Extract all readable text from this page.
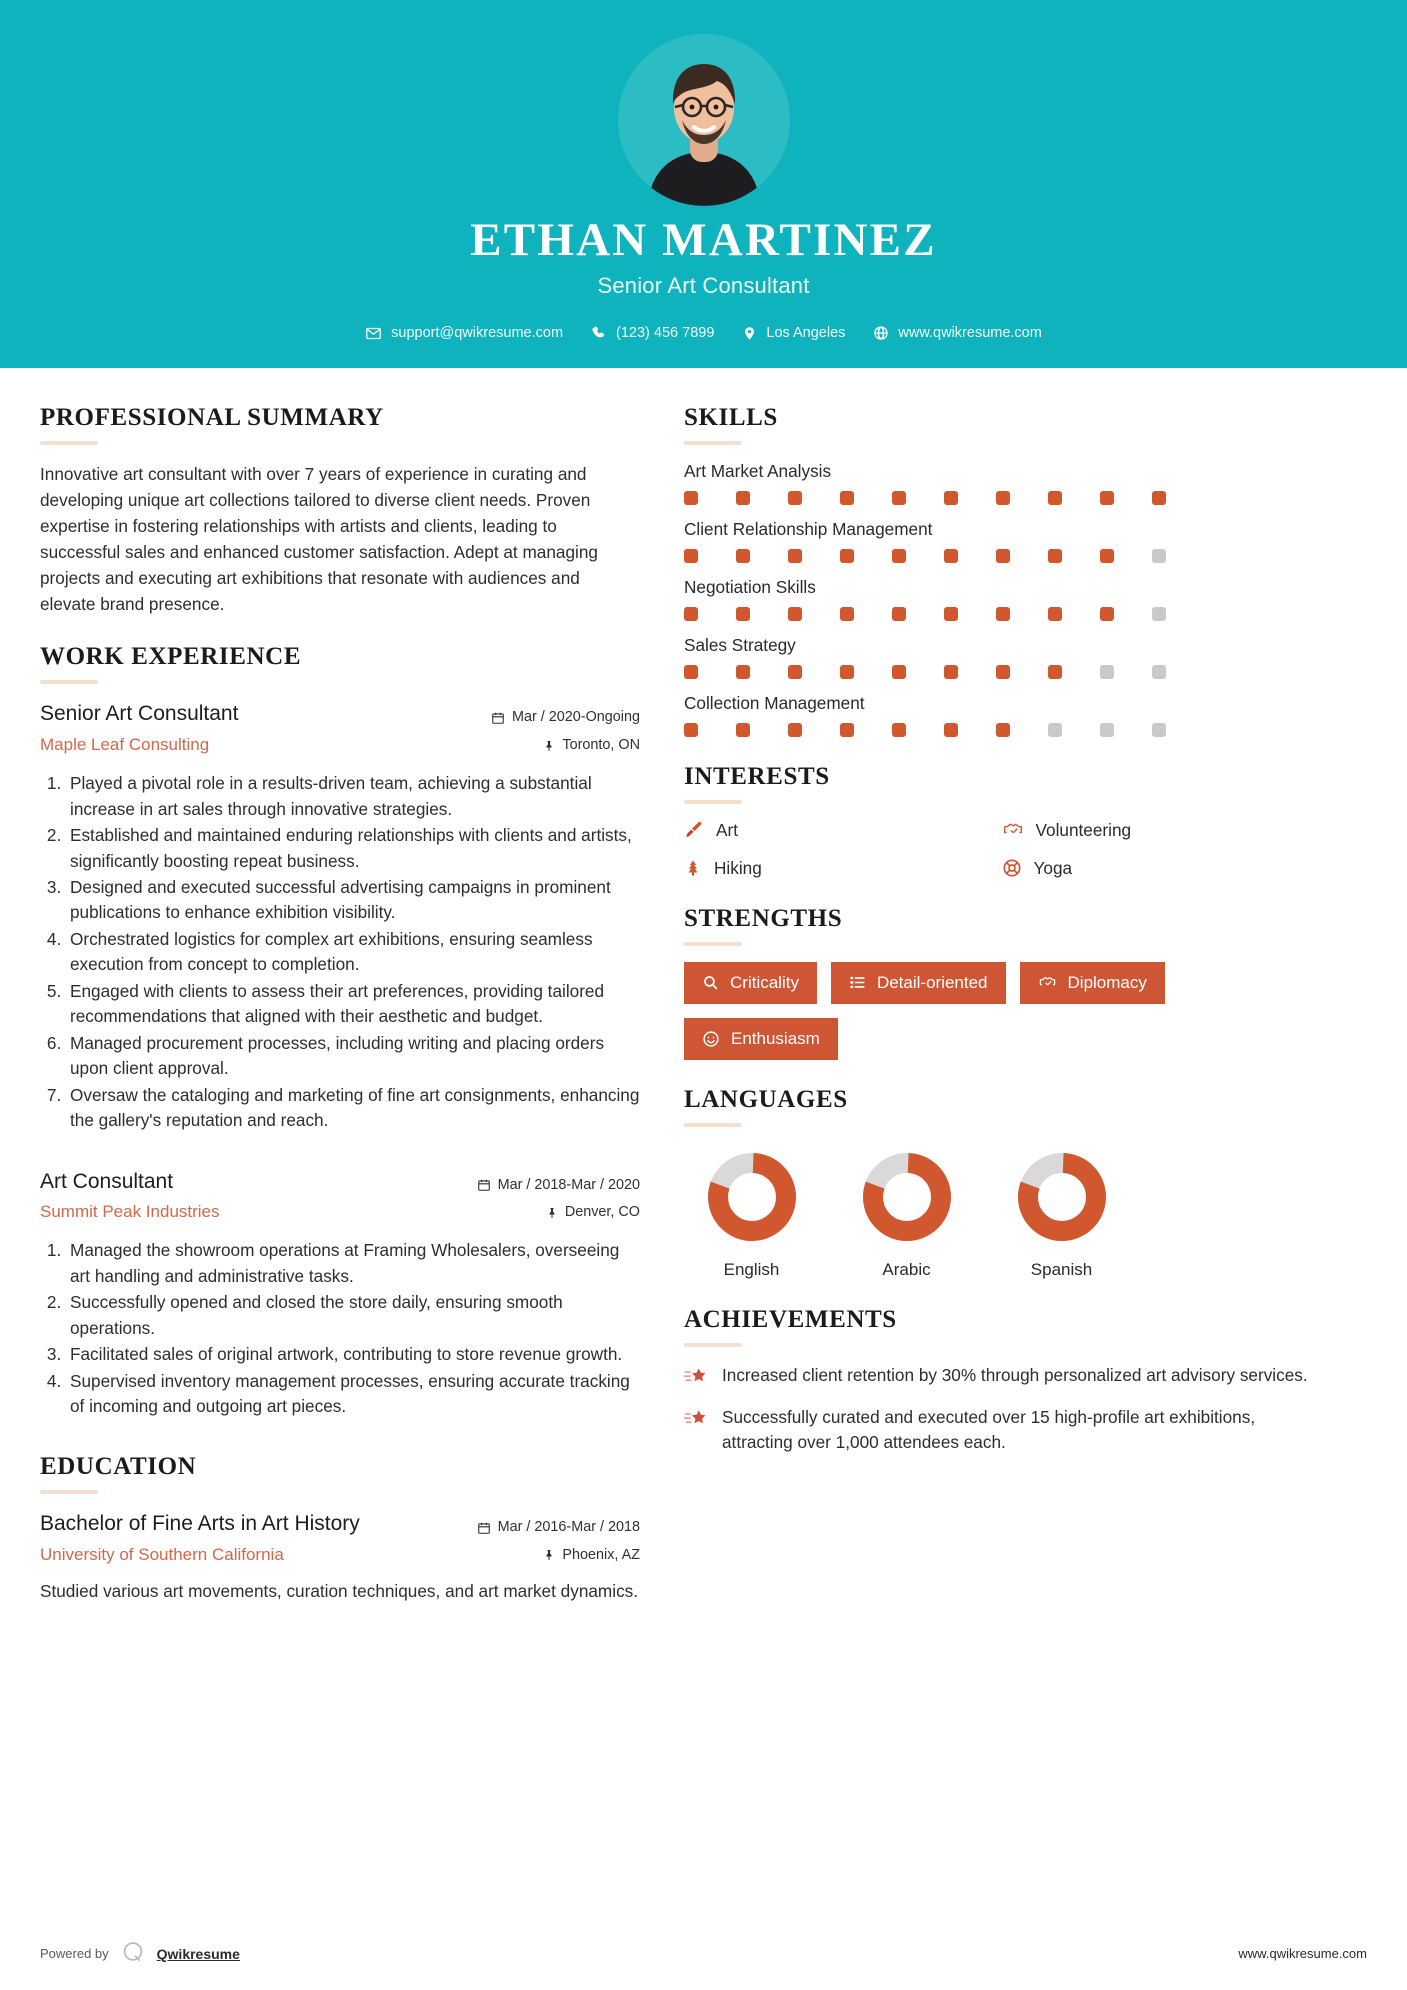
ETHAN MARTINEZ
Senior Art Consultant
support@qwikresume.com	(123) 456 7899	Los Angeles	www.qwikresume.com
PROFESSIONAL SUMMARY
Innovative art consultant with over 7 years of experience in curating and developing unique art collections tailored to diverse client needs. Proven expertise in fostering relationships with artists and clients, leading to successful sales and enhanced customer satisfaction. Adept at managing projects and executing art exhibitions that resonate with audiences and elevate brand presence.
WORK EXPERIENCE
Senior Art Consultant
Maple Leaf Consulting
Mar / 2020-Ongoing
Toronto, ON
1. Played a pivotal role in a results-driven team, achieving a substantial increase in art sales through innovative strategies.
2. Established and maintained enduring relationships with clients and artists, significantly boosting repeat business.
3. Designed and executed successful advertising campaigns in prominent publications to enhance exhibition visibility.
4. Orchestrated logistics for complex art exhibitions, ensuring seamless execution from concept to completion.
5. Engaged with clients to assess their art preferences, providing tailored recommendations that aligned with their aesthetic and budget.
6. Managed procurement processes, including writing and placing orders upon client approval.
7. Oversaw the cataloging and marketing of fine art consignments, enhancing the gallery's reputation and reach.
Art Consultant
Summit Peak Industries
Mar / 2018-Mar / 2020
Denver, CO
1. Managed the showroom operations at Framing Wholesalers, overseeing art handling and administrative tasks.
2. Successfully opened and closed the store daily, ensuring smooth operations.
3. Facilitated sales of original artwork, contributing to store revenue growth.
4. Supervised inventory management processes, ensuring accurate tracking of incoming and outgoing art pieces.
EDUCATION
Bachelor of Fine Arts in Art History
University of Southern California
Mar / 2016-Mar / 2018
Phoenix, AZ
Studied various art movements, curation techniques, and art market dynamics.
SKILLS
Art Market Analysis
Client Relationship Management
Negotiation Skills
Sales Strategy
Collection Management
INTERESTS
Art	Volunteering
Hiking	Yoga
STRENGTHS
Criticality	Detail-oriented	Diplomacy
Enthusiasm
LANGUAGES
English	Arabic	Spanish
ACHIEVEMENTS
Increased client retention by 30% through personalized art advisory services.
Successfully curated and executed over 15 high-profile art exhibitions, attracting over 1,000 attendees each.
Powered by	Qwikresume	www.qwikresume.com
